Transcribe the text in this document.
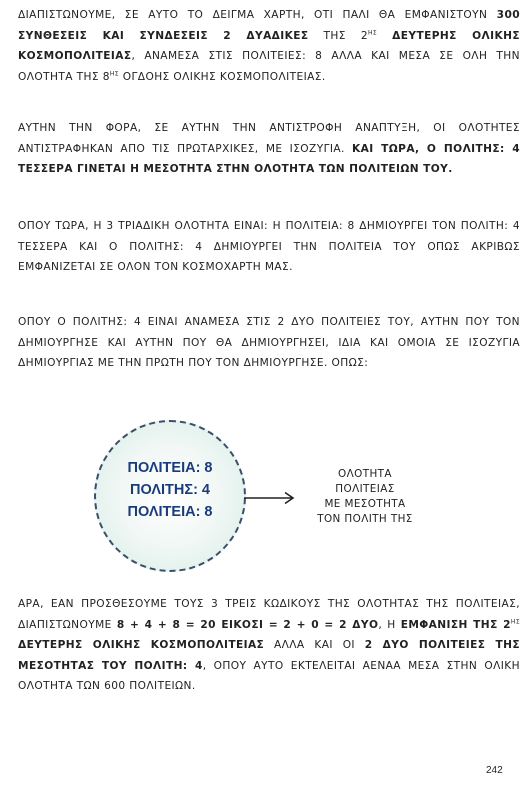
ΔΙΑΠΙΣΤΩΝΟΥΜΕ, ΣΕ ΑΥΤΟ ΤΟ ΔΕΙΓΜΑ ΧΑΡΤΗ, ΟΤΙ ΠΑΛΙ ΘΑ ΕΜΦΑΝΙΣΤΟΥΝ 300 ΣΥΝΘΕΣΕΙΣ ΚΑΙ ΣΥΝΔΕΣΕΙΣ 2 ΔΥΑΔΙΚΕΣ ΤΗΣ $2^{H\Sigma}$ ΔΕΥΤΕΡΗΣ ΟΛΙΚΗΣ ΚΟΣΜΟΠΟΛΙΤΕΙΑΣ, ΑΝΑΜΕΣΑ ΣΤΙΣ ΠΟΛΙΤΕΙΕΣ: 8 ΑΛΛΑ ΚΑΙ ΜΕΣΑ ΣΕ ΟΛΗ ΤΗΝ ΟΛΟΤΗΤΑ ΤΗΣ $8^{H\Sigma}$ ΟΓΔΟΗΣ ΟΛΙΚΗΣ ΚΟΣΜΟΠΟΛΙΤΕΙΑΣ.

ΑΥΤΗΝ ΤΗΝ ΦΟΡΑ, ΣΕ ΑΥΤΗΝ ΤΗΝ ΑΝΤΙΣΤΡΟΦΗ ΑΝΑΠΤΥΞΗ, ΟΙ ΟΛΟΤΗΤΕΣ ΑΝΤΙΣΤΡΑΦΗΚΑΝ ΑΠΟ ΤΙΣ ΠΡΩΤΑΡΧΙΚΕΣ, ΜΕ ΙΣΟΖΥΓΙΑ. ΚΑΙ ΤΩΡΑ, Ο ΠΟΛΙΤΗΣ: 4 ΤΕΣΣΕΡΑ ΓΙΝΕΤΑΙ Η ΜΕΣΟΤΗΤΑ ΣΤΗΝ ΟΛΟΤΗΤΑ ΤΩΝ ΠΟΛΙΤΕΙΩΝ ΤΟΥ.

ΟΠΟΥ ΤΩΡΑ, Η 3 ΤΡΙΑΔΙΚΗ ΟΛΟΤΗΤΑ ΕΙΝΑΙ: Η ΠΟΛΙΤΕΙΑ: 8 ΔΗΜΙΟΥΡΓΕΙ ΤΟΝ ΠΟΛΙΤΗ: 4 ΤΕΣΣΕΡΑ ΚΑΙ Ο ΠΟΛΙΤΗΣ: 4 ΔΗΜΙΟΥΡΓΕΙ ΤΗΝ ΠΟΛΙΤΕΙΑ ΤΟΥ ΟΠΩΣ ΑΚΡΙΒΩΣ ΕΜΦΑΝΙΖΕΤΑΙ ΣΕ ΟΛΟΝ ΤΟΝ ΚΟΣΜΟΧΑΡΤΗ ΜΑΣ.

ΟΠΟΥ Ο ΠΟΛΙΤΗΣ: 4 ΕΙΝΑΙ ΑΝΑΜΕΣΑ ΣΤΙΣ 2 ΔΥΟ ΠΟΛΙΤΕΙΕΣ ΤΟΥ, ΑΥΤΗΝ ΠΟΥ ΤΟΝ ΔΗΜΙΟΥΡΓΗΣΕ ΚΑΙ ΑΥΤΗΝ ΠΟΥ ΘΑ ΔΗΜΙΟΥΡΓΗΣΕΙ, ΙΔΙΑ ΚΑΙ ΟΜΟΙΑ ΣΕ ΙΣΟΖΥΓΙΑ ΔΗΜΙΟΥΡΓΙΑΣ ΜΕ ΤΗΝ ΠΡΩΤΗ ΠΟΥ ΤΟΝ ΔΗΜΙΟΥΡΓΗΣΕ. ΟΠΩΣ:

ΠΟΛΙΤΕΙΑ: 8
ΠΟΛΙΤΗΣ: 4
ΠΟΛΙΤΕΙΑ: 8
ΟΛΟΤΗΤΑ
ΠΟΛΙΤΕΙΑΣ
ΜΕ ΜΕΣΟΤΗΤΑ
ΤΟΝ ΠΟΛΙΤΗ ΤΗΣ

ΑΡΑ, ΕΑΝ ΠΡΟΣΘΕΣΟΥΜΕ ΤΟΥΣ 3 ΤΡΕΙΣ ΚΩΔΙΚΟΥΣ ΤΗΣ ΟΛΟΤΗΤΑΣ ΤΗΣ ΠΟΛΙΤΕΙΑΣ, ΔΙΑΠΙΣΤΩΝΟΥΜΕ 8 + 4 + 8 = 20 ΕΙΚΟΣΙ = 2 + 0 = 2 ΔΥΟ, Η ΕΜΦΑΝΙΣΗ ΤΗΣ $2^{H\Sigma}$ ΔΕΥΤΕΡΗΣ ΟΛΙΚΗΣ ΚΟΣΜΟΠΟΛΙΤΕΙΑΣ ΑΛΛΑ ΚΑΙ ΟΙ 2 ΔΥΟ ΠΟΛΙΤΕΙΕΣ ΤΗΣ ΜΕΣΟΤΗΤΑΣ ΤΟΥ ΠΟΛΙΤΗ: 4, ΟΠΟΥ ΑΥΤΟ ΕΚΤΕΛΕΙΤΑΙ ΑΕΝΑΑ ΜΕΣΑ ΣΤΗΝ ΟΛΙΚΗ ΟΛΟΤΗΤΑ ΤΩΝ 600 ΠΟΛΙΤΕΙΩΝ.

242
